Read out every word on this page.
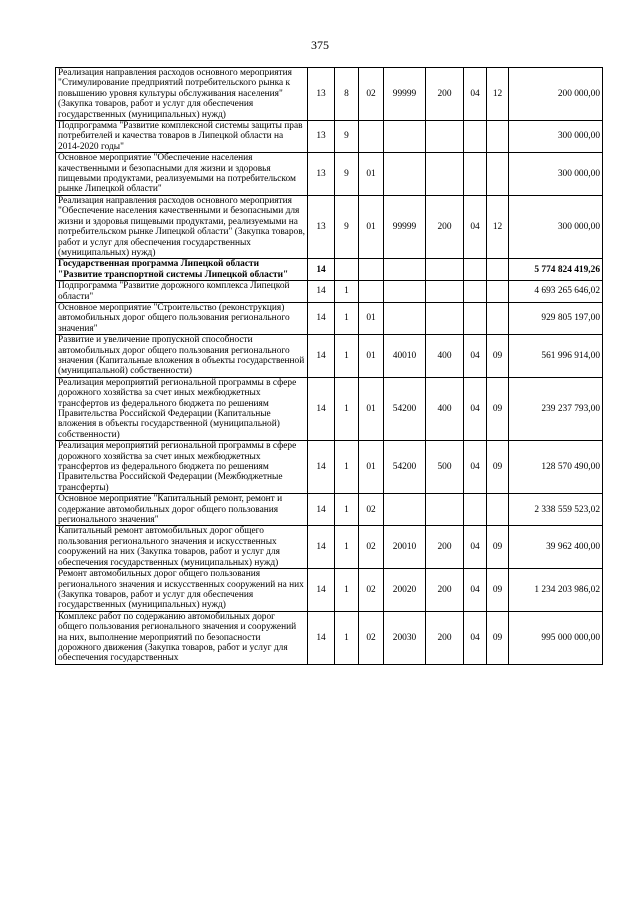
375
Реализация направления расходов основного мероприятия "Стимулирование предприятий потребительского рынка к повышению уровня культуры обслуживания населения" (Закупка товаров, работ и услуг для обеспечения государственных (муниципальных) нужд)	13	8	02	99999	200	04	12	200 000,00
Подпрограмма "Развитие комплексной системы защиты прав потребителей и качества товаров в Липецкой области на 2014-2020 годы"	13	9						300 000,00
Основное мероприятие "Обеспечение населения качественными и безопасными для жизни и здоровья пищевыми продуктами, реализуемыми на потребительском рынке Липецкой области"	13	9	01					300 000,00
Реализация направления расходов основного мероприятия "Обеспечение населения качественными и безопасными для жизни и здоровья пищевыми продуктами, реализуемыми на потребительском рынке Липецкой области" (Закупка товаров, работ и услуг для обеспечения государственных (муниципальных) нужд)	13	9	01	99999	200	04	12	300 000,00
Государственная программа Липецкой области "Развитие транспортной системы Липецкой области"	14							5 774 824 419,26
Подпрограмма "Развитие дорожного комплекса Липецкой области"	14	1						4 693 265 646,02
Основное мероприятие "Строительство (реконструкция) автомобильных дорог общего пользования регионального значения"	14	1	01					929 805 197,00
Развитие и увеличение пропускной способности автомобильных дорог общего пользования регионального значения (Капитальные вложения в объекты государственной (муниципальной) собственности)	14	1	01	40010	400	04	09	561 996 914,00
Реализация мероприятий региональной программы в сфере дорожного хозяйства за счет иных межбюджетных трансфертов из федерального бюджета по решениям Правительства Российской Федерации (Капитальные вложения в объекты государственной (муниципальной) собственности)	14	1	01	54200	400	04	09	239 237 793,00
Реализация мероприятий региональной программы в сфере дорожного хозяйства за счет иных межбюджетных трансфертов из федерального бюджета по решениям Правительства Российской Федерации (Межбюджетные трансферты)	14	1	01	54200	500	04	09	128 570 490,00
Основное мероприятие "Капитальный ремонт, ремонт и содержание автомобильных дорог общего пользования регионального значения"	14	1	02					2 338 559 523,02
Капитальный ремонт автомобильных дорог общего пользования регионального значения и искусственных сооружений на них (Закупка товаров, работ и услуг для обеспечения государственных (муниципальных) нужд)	14	1	02	20010	200	04	09	39 962 400,00
Ремонт автомобильных дорог общего пользования регионального значения и искусственных сооружений на них (Закупка товаров, работ и услуг для обеспечения государственных (муниципальных) нужд)	14	1	02	20020	200	04	09	1 234 203 986,02
Комплекс работ по содержанию автомобильных дорог общего пользования регионального значения и сооружений на них, выполнение мероприятий по безопасности дорожного движения (Закупка товаров, работ и услуг для обеспечения государственных	14	1	02	20030	200	04	09	995 000 000,00
